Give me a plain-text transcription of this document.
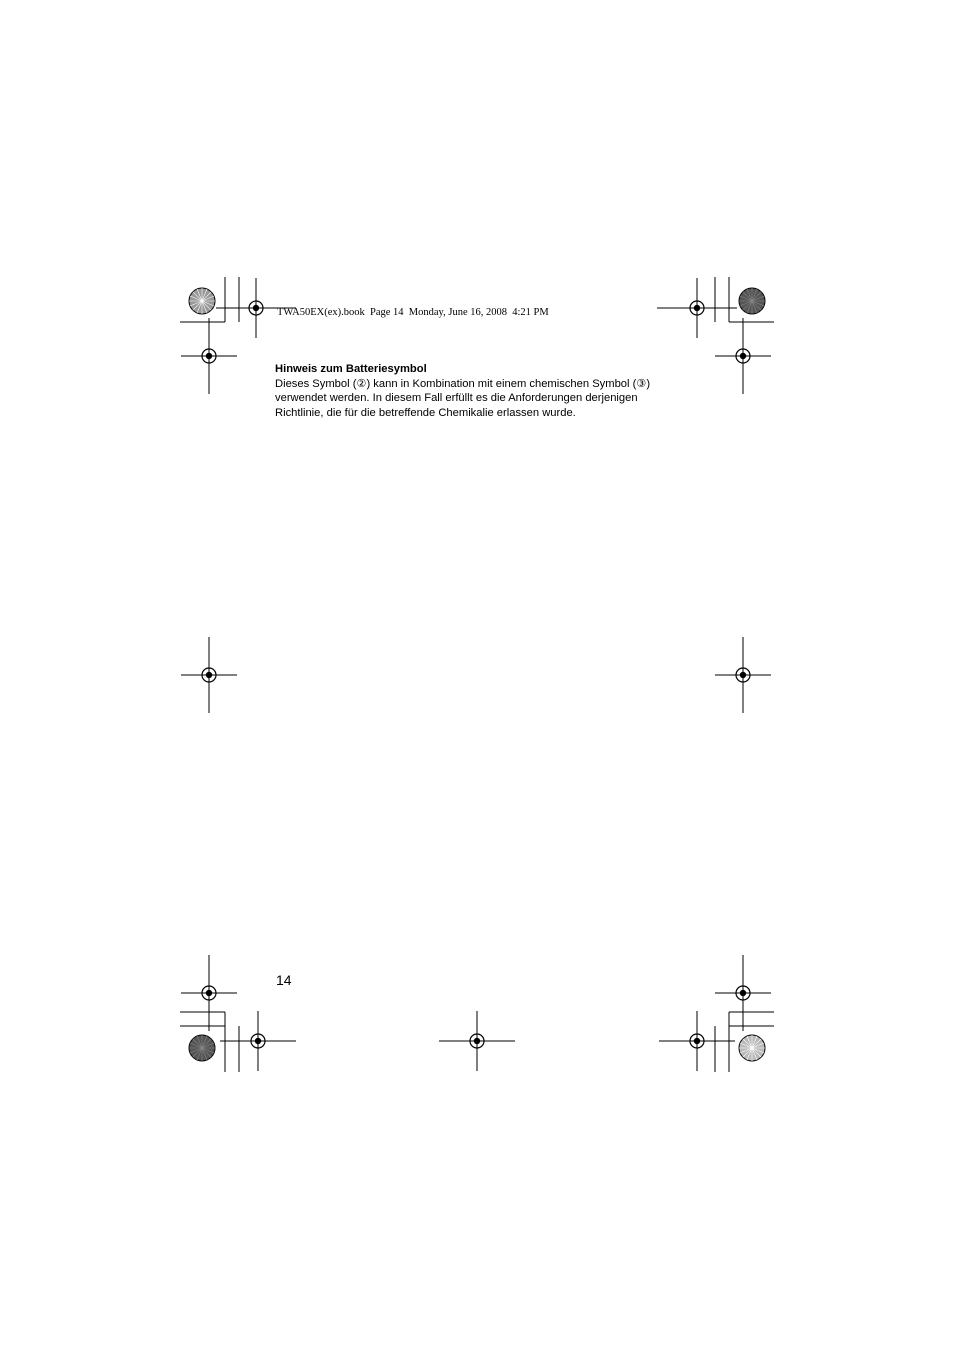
TWA50EX(ex).book  Page 14  Monday, June 16, 2008  4:21 PM
Hinweis zum Batteriesymbol
Dieses Symbol (②) kann in Kombination mit einem chemischen Symbol (③)
verwendet werden. In diesem Fall erfüllt es die Anforderungen derjenigen
Richtlinie, die für die betreffende Chemikalie erlassen wurde.
14
